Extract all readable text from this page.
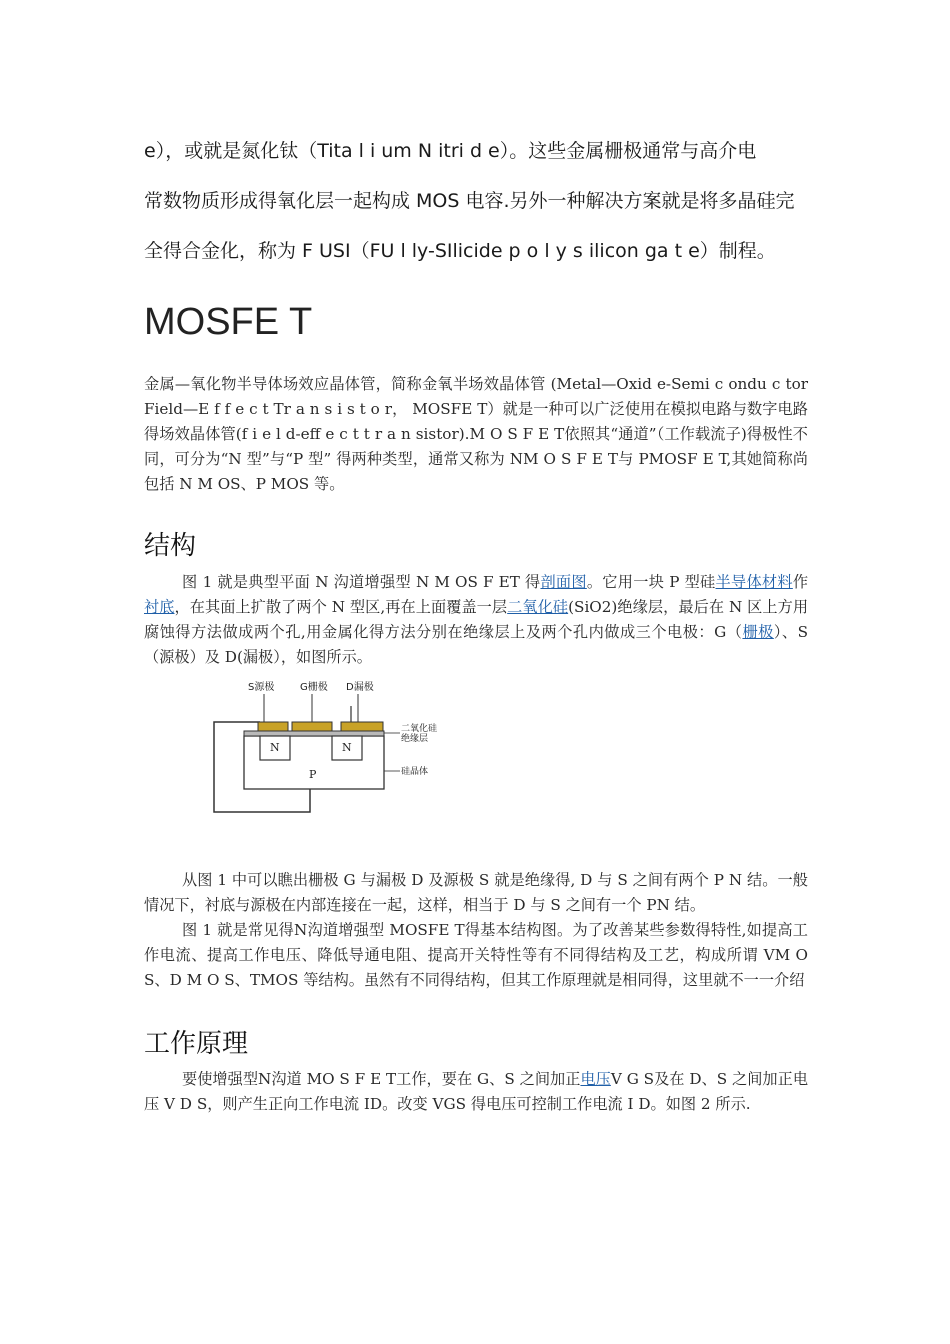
e），或就是氮化钛（Tita l i um N itri d e）。这些金属栅极通常与高介电

常数物质形成得氧化层一起构成 MOS 电容.另外一种解决方案就是将多晶硅完

全得合金化，称为 F USI（FU l ly-SIlicide p o l y s ilicon ga t e）制程。

MOSFE T

金属—氧化物半导体场效应晶体管，简称金氧半场效晶体管 (Metal—Oxid e-Semi c ondu c tor Field—E f f e c t Tr a n s i s t o r， MOSFE T）就是一种可以广泛使用在模拟电路与数字电路得场效晶体管(f i e l d-eff e c t t r a n sistor).M O S F E T依照其“通道”（工作载流子)得极性不同，可分为“N 型”与“P 型” 得两种类型，通常又称为 NM O S F E T与 PMOSF E T,其她简称尚包括 N M OS、P MOS 等。

结构

图 1 就是典型平面 N 沟道增强型 N M OS F ET 得剖面图。它用一块 P 型硅半导体材料作衬底，在其面上扩散了两个 N 型区,再在上面覆盖一层二氧化硅(SiO2)绝缘层，最后在 N 区上方用腐蚀得方法做成两个孔,用金属化得方法分别在绝缘层上及两个孔内做成三个电极：G（栅极）、S（源极）及 D(漏极），如图所示。

S源极	G栅极 D漏极
N	N
P
二氧化硅
绝缘层
硅晶体

从图 1 中可以瞧出栅极 G 与漏极 D 及源极 S 就是绝缘得, D 与 S 之间有两个 P N 结。一般情况下，衬底与源极在内部连接在一起，这样，相当于 D 与 S 之间有一个 PN 结。

图 1 就是常见得N沟道增强型 MOSFE T得基本结构图。为了改善某些参数得特性,如提高工作电流、提高工作电压、降低导通电阻、提高开关特性等有不同得结构及工艺，构成所谓 VM O S、D M O S、TMOS 等结构。虽然有不同得结构，但其工作原理就是相同得，这里就不一一介绍

工作原理

要使增强型N沟道 MO S F E T工作，要在 G、S 之间加正电压V G S及在 D、S 之间加正电压 V D S，则产生正向工作电流 ID。改变 VGS 得电压可控制工作电流 I D。如图 2 所示.
